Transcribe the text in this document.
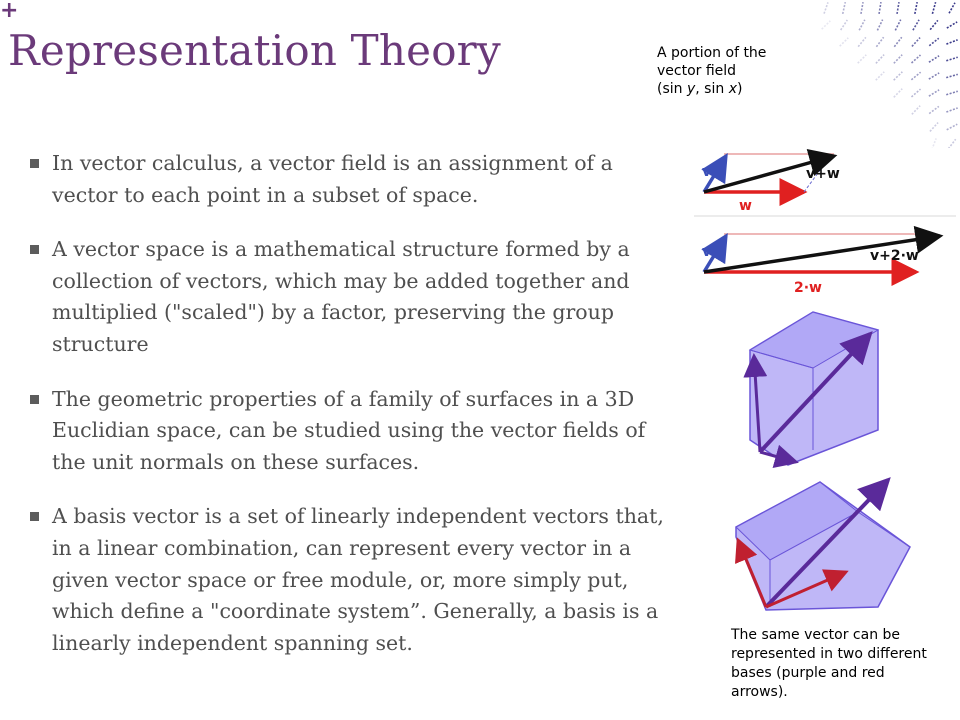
+
Representation Theory	A portion of the
vector field
(sin y, sin x)
In vector calculus, a vector field is an assignment of a vector to each point in a subset of space.
A vector space is a mathematical structure formed by a collection of vectors, which may be added together and multiplied ("scaled") by a factor, preserving the group structure
The geometric properties of a family of surfaces in a 3D Euclidian space, can be studied using the vector fields of the unit normals on these surfaces.
A basis vector is a set of linearly independent vectors that, in a linear combination, can represent every vector in a given vector space or free module, or, more simply put, which define a "coordinate system”. Generally, a basis is a linearly independent spanning set.
v
w
v+w
v
2·w
v+2·w
The same vector can be represented in two different bases (purple and red arrows).
